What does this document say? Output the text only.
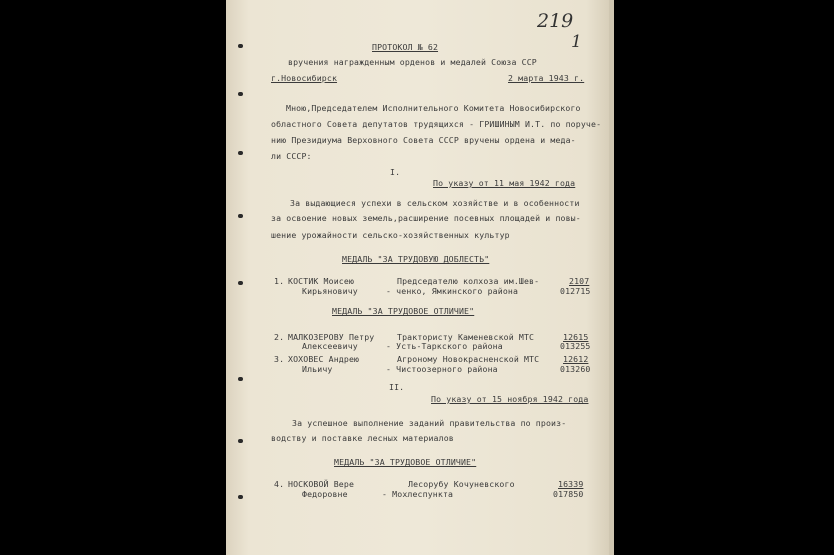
219
1
ПРОТОКОЛ № 62
вручения награжденным орденов и медалей Союза ССР
г.Новосибирск	2 марта 1943 г.
Мною,Председателем Исполнительного Комитета Новосибирского
областного Совета депутатов трудящихся - ГРИШИНЫМ И.Т. по поруче-
нию Президиума Верховного Совета СССР вручены ордена и меда-
ли СССР:
I.
По указу от 11 мая 1942 года
За выдающиеся успехи в сельском хозяйстве и в особенности
за освоение новых земель,расширение посевных площадей и повы-
шение урожайности сельско-хозяйственных культур
МЕДАЛЬ "ЗА ТРУДОВУЮ ДОБЛЕСТЬ"
1. КОСТИК Моисею
Кирьяновичу
Председателю колхоза им.Шев-
- ченко, Ямкинского района
2107
012715
МЕДАЛЬ "ЗА ТРУДОВОЕ ОТЛИЧИЕ"
2. МАЛКОЗЕРОВУ Петру
Алексеевичу
Трактористу Каменевской МТС
- Усть-Таркского района
12615
013255
3. ХОХОВЕС Андрею
Ильичу
Агроному Новокрасненской МТС
- Чистоозерного района
12612
013260
II.
По указу от 15 ноября 1942 года
За успешное выполнение заданий правительства по произ-
водству и поставке лесных материалов
МЕДАЛЬ "ЗА ТРУДОВОЕ ОТЛИЧИЕ"
4. НОСКОВОЙ Вере
Федоровне
Лесорубу Кочуневского
- Мохлеспункта
16339
017850
